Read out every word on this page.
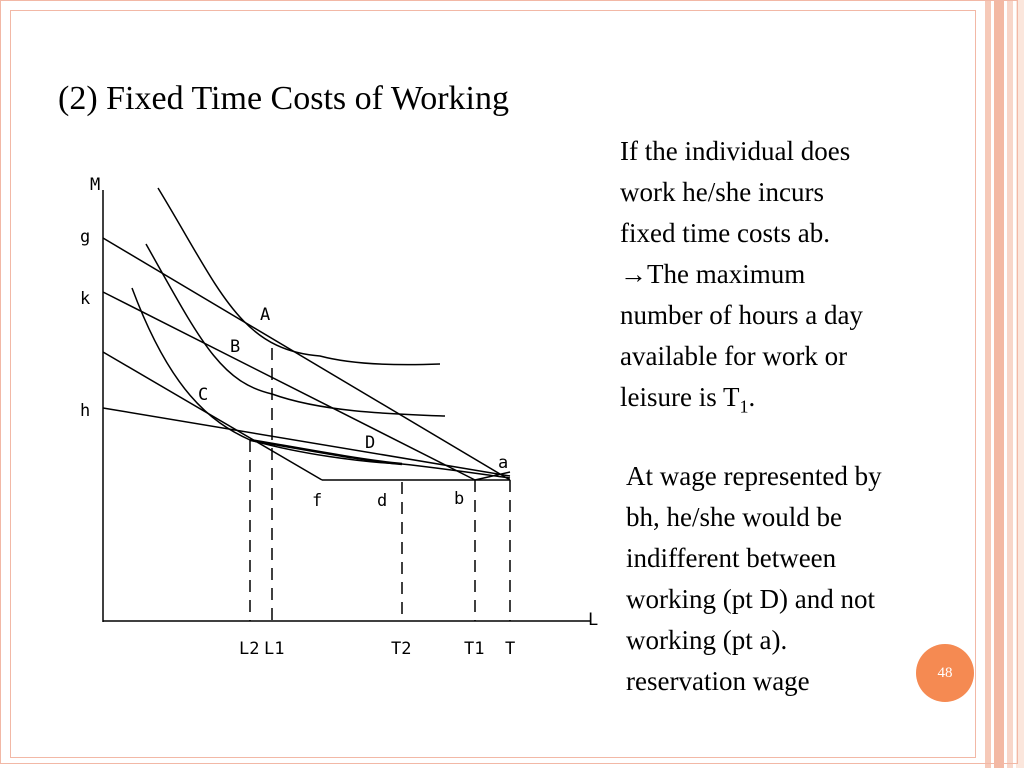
(2) Fixed Time Costs of Working
M
L
g
k
h
L2 L1	T2	T1 T
A
B
C
D
a
b
d
f
If the individual does
work he/she incurs
fixed time costs ab.
→The maximum
number of hours a day
available for work or
leisure is $T_1$.
At wage represented by
bh, he/she would be
indifferent between
working (pt D) and not
working (pt a).
reservation wage	48
